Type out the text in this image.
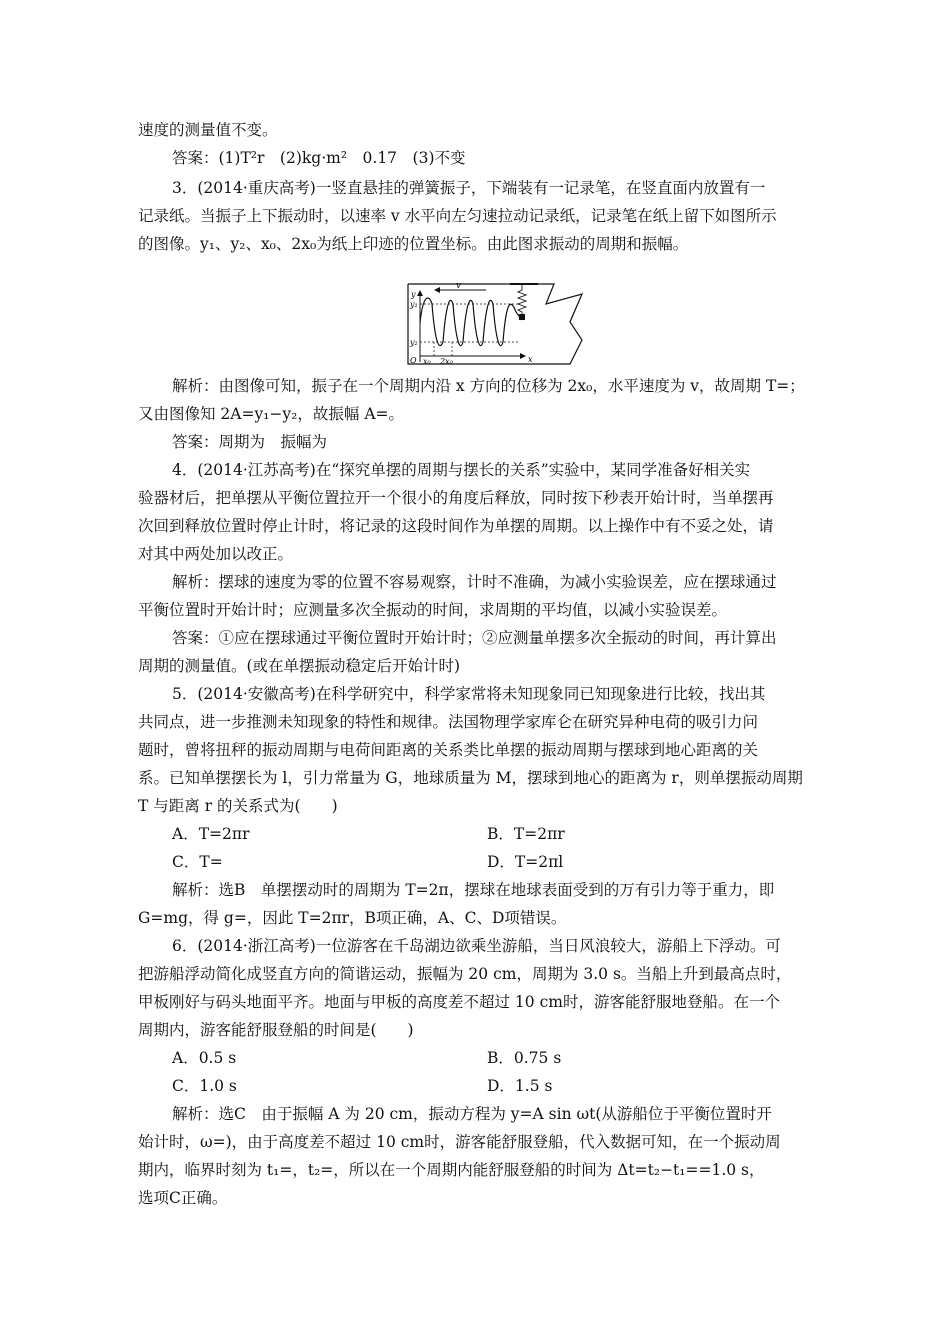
速度的测量值不变。
答案：(1)T²r　(2)kg·m²　0.17　(3)不变
3．(2014·重庆高考)一竖直悬挂的弹簧振子，下端装有一记录笔，在竖直面内放置有一
记录纸。当振子上下振动时，以速率 v 水平向左匀速拉动记录纸，记录笔在纸上留下如图所示
的图像。y₁、y₂、x₀、2x₀为纸上印迹的位置坐标。由此图求振动的周期和振幅。
v
y
y₁
y₂
O x₀ 2x₀	x
解析：由图像可知，振子在一个周期内沿 x 方向的位移为 2x₀，水平速度为 v，故周期 T=；
又由图像知 2A=y₁−y₂，故振幅 A=。
答案：周期为　振幅为
4．(2014·江苏高考)在“探究单摆的周期与摆长的关系”实验中，某同学准备好相关实
验器材后，把单摆从平衡位置拉开一个很小的角度后释放，同时按下秒表开始计时，当单摆再
次回到释放位置时停止计时，将记录的这段时间作为单摆的周期。以上操作中有不妥之处，请
对其中两处加以改正。
解析：摆球的速度为零的位置不容易观察，计时不准确，为减小实验误差，应在摆球通过
平衡位置时开始计时；应测量多次全振动的时间，求周期的平均值，以减小实验误差。
答案：①应在摆球通过平衡位置时开始计时；②应测量单摆多次全振动的时间，再计算出
周期的测量值。(或在单摆振动稳定后开始计时)
5．(2014·安徽高考)在科学研究中，科学家常将未知现象同已知现象进行比较，找出其
共同点，进一步推测未知现象的特性和规律。法国物理学家库仑在研究异种电荷的吸引力问
题时，曾将扭秤的振动周期与电荷间距离的关系类比单摆的振动周期与摆球到地心距离的关
系。已知单摆摆长为 l，引力常量为 G，地球质量为 M，摆球到地心的距离为 r，则单摆振动周期
T 与距离 r 的关系式为(　　)
A．T=2πr	B．T=2πr
C．T=	D．T=2πl
解析：选B　单摆摆动时的周期为 T=2π，摆球在地球表面受到的万有引力等于重力，即
G=mg，得 g=，因此 T=2πr，B项正确，A、C、D项错误。
6．(2014·浙江高考)一位游客在千岛湖边欲乘坐游船，当日风浪较大，游船上下浮动。可
把游船浮动简化成竖直方向的简谐运动，振幅为 20 cm，周期为 3.0 s。当船上升到最高点时，
甲板刚好与码头地面平齐。地面与甲板的高度差不超过 10 cm时，游客能舒服地登船。在一个
周期内，游客能舒服登船的时间是(　　)
A．0.5 s	B．0.75 s
C．1.0 s	D．1.5 s
解析：选C　由于振幅 A 为 20 cm，振动方程为 y=A sin ωt(从游船位于平衡位置时开
始计时，ω=)，由于高度差不超过 10 cm时，游客能舒服登船，代入数据可知，在一个振动周
期内，临界时刻为 t₁=，t₂=，所以在一个周期内能舒服登船的时间为 Δt=t₂−t₁==1.0 s，
选项C正确。
